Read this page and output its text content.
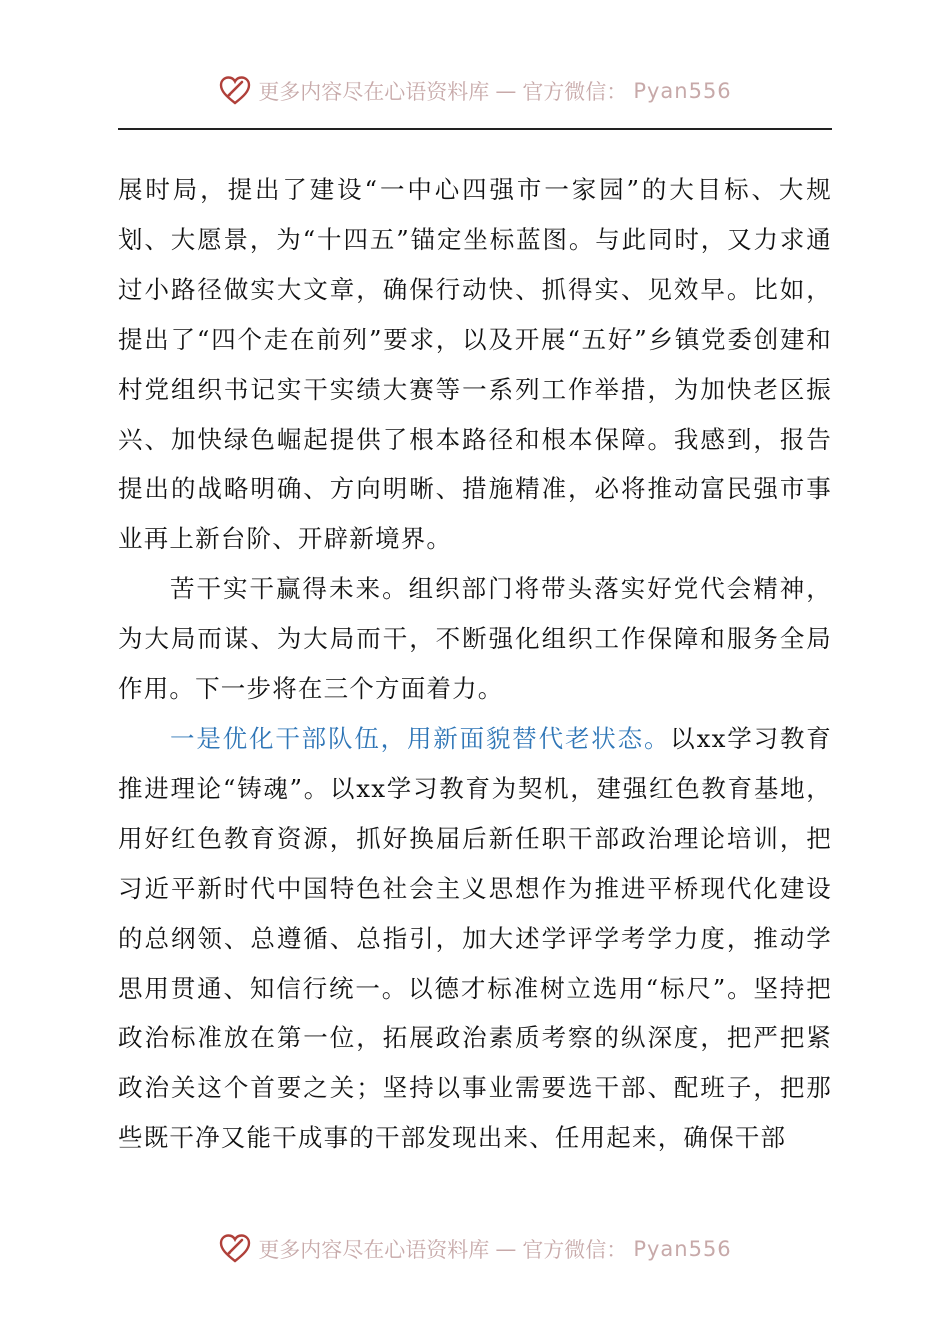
更多内容尽在心语资料库 — 官方微信： Pyan556

展时局，提出了建设“一中心四强市一家园”的大目标、大规划、大愿景，为“十四五”锚定坐标蓝图。与此同时，又力求通过小路径做实大文章，确保行动快、抓得实、见效早。比如，提出了“四个走在前列”要求，以及开展“五好”乡镇党委创建和村党组织书记实干实绩大赛等一系列工作举措，为加快老区振兴、加快绿色崛起提供了根本路径和根本保障。我感到，报告提出的战略明确、方向明晰、措施精准，必将推动富民强市事业再上新台阶、开辟新境界。

苦干实干赢得未来。组织部门将带头落实好党代会精神，为大局而谋、为大局而干，不断强化组织工作保障和服务全局作用。下一步将在三个方面着力。

一是优化干部队伍，用新面貌替代老状态。以xx学习教育推进理论“铸魂”。以xx学习教育为契机，建强红色教育基地，用好红色教育资源，抓好换届后新任职干部政治理论培训，把习近平新时代中国特色社会主义思想作为推进平桥现代化建设的总纲领、总遵循、总指引，加大述学评学考学力度，推动学思用贯通、知信行统一。以德才标准树立选用“标尺”。坚持把政治标准放在第一位，拓展政治素质考察的纵深度，把严把紧政治关这个首要之关；坚持以事业需要选干部、配班子，把那些既干净又能干成事的干部发现出来、任用起来，确保干部

更多内容尽在心语资料库 — 官方微信： Pyan556
